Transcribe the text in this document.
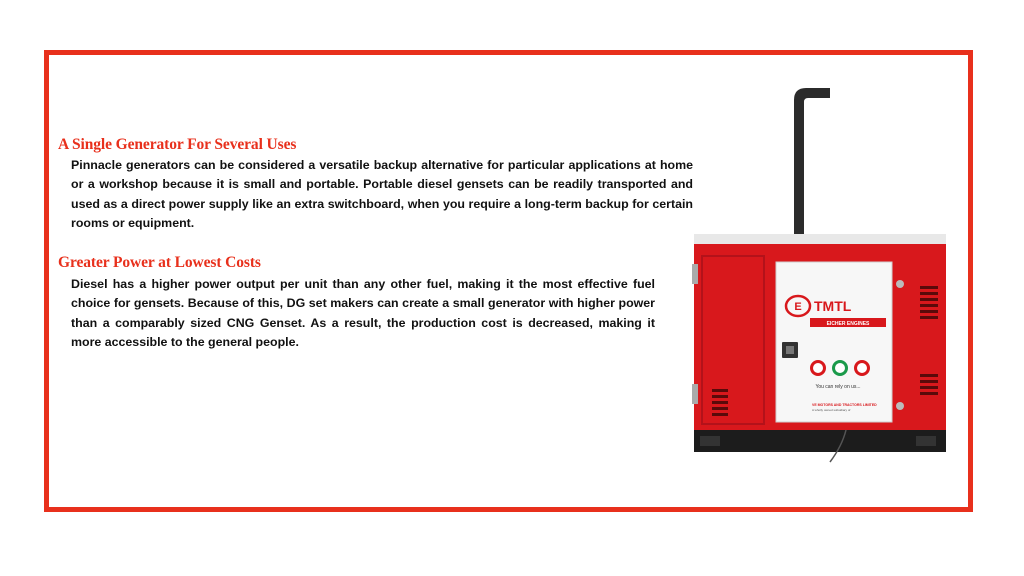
A Single Generator For Several Uses

Pinnacle generators can be considered a versatile backup alternative for particular applications at home or a workshop because it is small and portable. Portable diesel gensets can be readily transported and used as a direct power supply like an extra switchboard, when you require a long-term backup for certain rooms or equipment.

Greater Power at Lowest Costs

Diesel has a higher power output per unit than any other fuel, making it the most effective fuel choice for gensets. Because of this, DG set makers can create a small generator with higher power than a comparably sized CNG Genset. As a result, the production cost is decreased, making it more accessible to the general people.

E TMTL
EICHER ENGINES
You can rely on us...
VE MOTORS AND TRACTORS LIMITED
A wholly owned subsidiary of
